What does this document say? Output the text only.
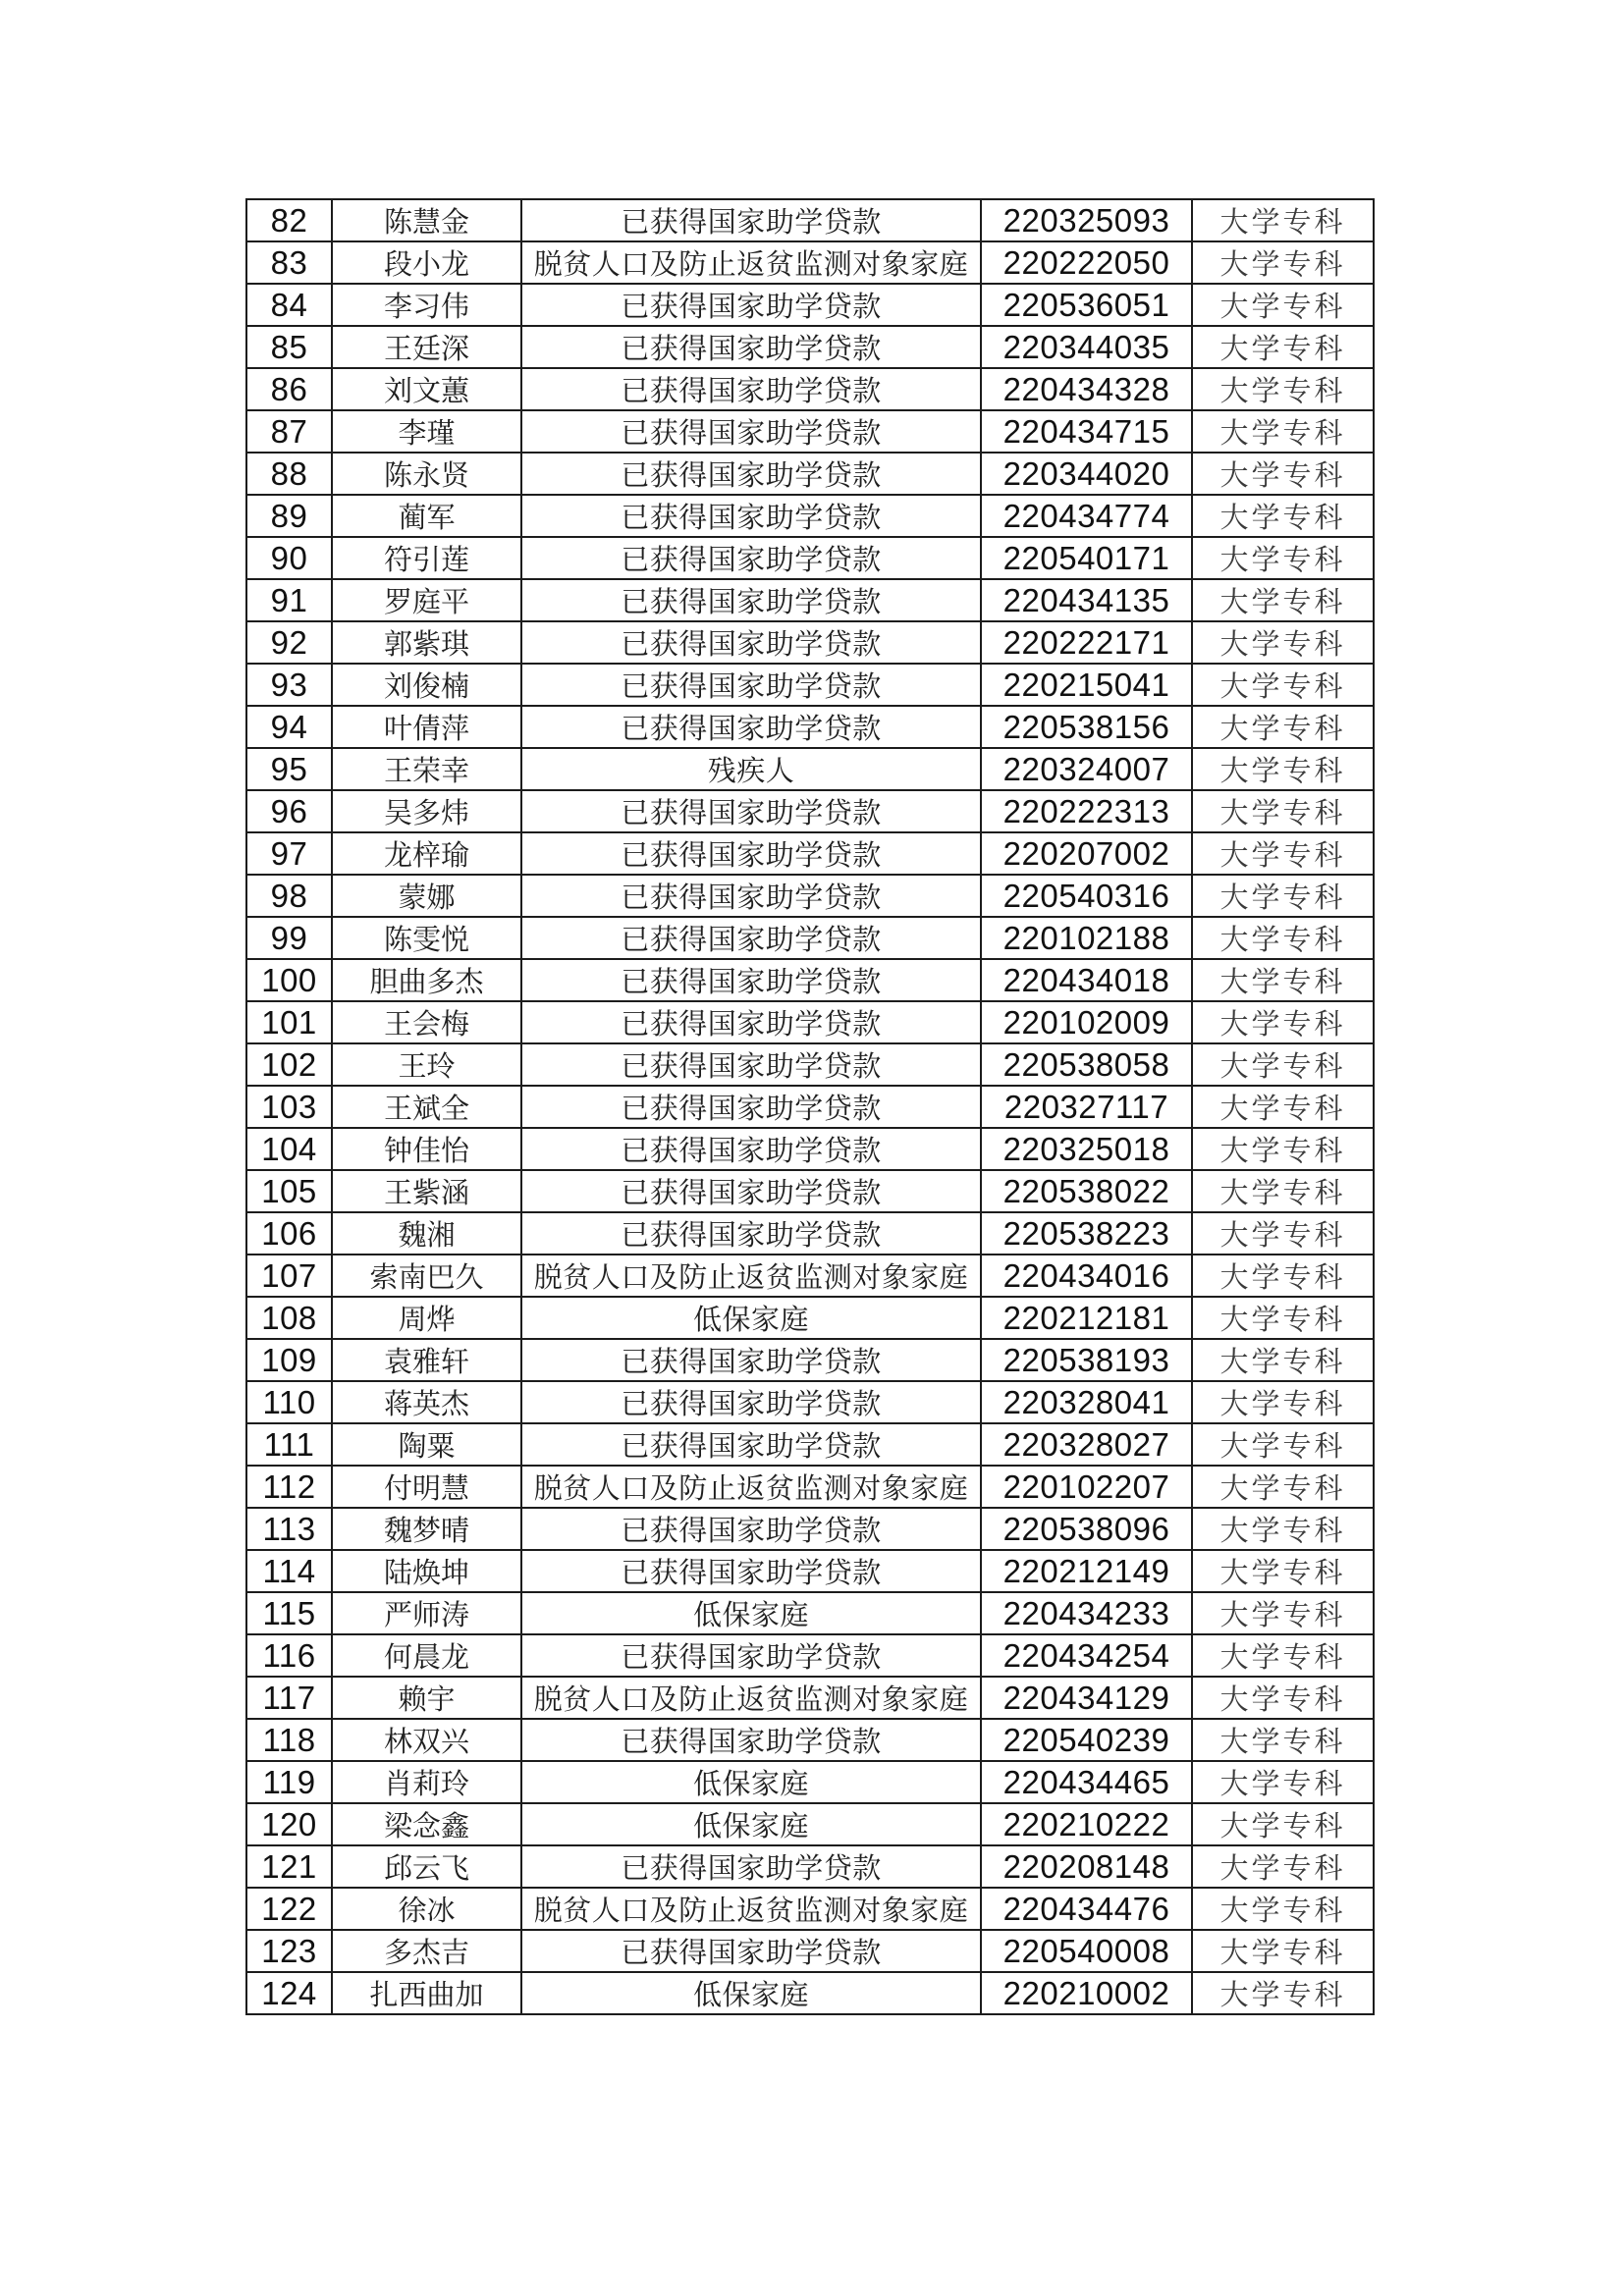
82	陈慧金	已获得国家助学贷款	220325093	大学专科
83	段小龙	脱贫人口及防止返贫监测对象家庭	220222050	大学专科
84	李习伟	已获得国家助学贷款	220536051	大学专科
85	王廷深	已获得国家助学贷款	220344035	大学专科
86	刘文蕙	已获得国家助学贷款	220434328	大学专科
87	李瑾	已获得国家助学贷款	220434715	大学专科
88	陈永贤	已获得国家助学贷款	220344020	大学专科
89	蔺军	已获得国家助学贷款	220434774	大学专科
90	符引莲	已获得国家助学贷款	220540171	大学专科
91	罗庭平	已获得国家助学贷款	220434135	大学专科
92	郭紫琪	已获得国家助学贷款	220222171	大学专科
93	刘俊楠	已获得国家助学贷款	220215041	大学专科
94	叶倩萍	已获得国家助学贷款	220538156	大学专科
95	王荣幸	残疾人	220324007	大学专科
96	吴多炜	已获得国家助学贷款	220222313	大学专科
97	龙梓瑜	已获得国家助学贷款	220207002	大学专科
98	蒙娜	已获得国家助学贷款	220540316	大学专科
99	陈雯悦	已获得国家助学贷款	220102188	大学专科
100	胆曲多杰	已获得国家助学贷款	220434018	大学专科
101	王会梅	已获得国家助学贷款	220102009	大学专科
102	王玲	已获得国家助学贷款	220538058	大学专科
103	王斌全	已获得国家助学贷款	220327117	大学专科
104	钟佳怡	已获得国家助学贷款	220325018	大学专科
105	王紫涵	已获得国家助学贷款	220538022	大学专科
106	魏湘	已获得国家助学贷款	220538223	大学专科
107	索南巴久	脱贫人口及防止返贫监测对象家庭	220434016	大学专科
108	周烨	低保家庭	220212181	大学专科
109	袁雅轩	已获得国家助学贷款	220538193	大学专科
110	蒋英杰	已获得国家助学贷款	220328041	大学专科
111	陶粟	已获得国家助学贷款	220328027	大学专科
112	付明慧	脱贫人口及防止返贫监测对象家庭	220102207	大学专科
113	魏梦晴	已获得国家助学贷款	220538096	大学专科
114	陆焕坤	已获得国家助学贷款	220212149	大学专科
115	严师涛	低保家庭	220434233	大学专科
116	何晨龙	已获得国家助学贷款	220434254	大学专科
117	赖宇	脱贫人口及防止返贫监测对象家庭	220434129	大学专科
118	林双兴	已获得国家助学贷款	220540239	大学专科
119	肖莉玲	低保家庭	220434465	大学专科
120	梁念鑫	低保家庭	220210222	大学专科
121	邱云飞	已获得国家助学贷款	220208148	大学专科
122	徐冰	脱贫人口及防止返贫监测对象家庭	220434476	大学专科
123	多杰吉	已获得国家助学贷款	220540008	大学专科
124	扎西曲加	低保家庭	220210002	大学专科
